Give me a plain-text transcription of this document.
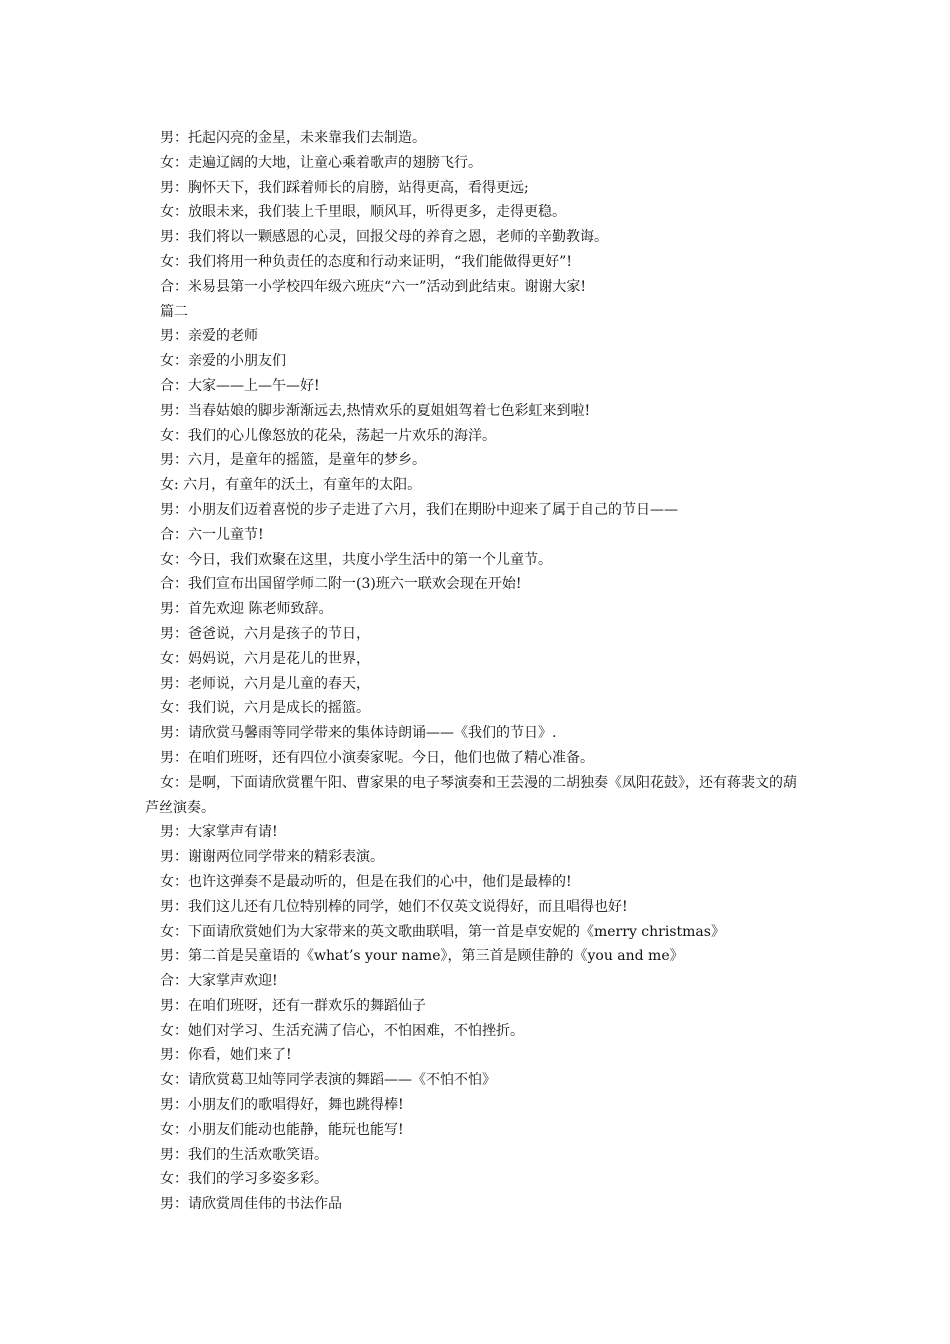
男：托起闪亮的金星，未来靠我们去制造。
女：走遍辽阔的大地，让童心乘着歌声的翅膀飞行。
男：胸怀天下，我们踩着师长的肩膀，站得更高，看得更远;
女：放眼未来，我们装上千里眼，顺风耳，听得更多，走得更稳。
男：我们将以一颗感恩的心灵，回报父母的养育之恩，老师的辛勤教诲。
女：我们将用一种负责任的态度和行动来证明，“我们能做得更好”!
合：米易县第一小学校四年级六班庆“六一”活动到此结束。谢谢大家!
篇二
男：亲爱的老师
女：亲爱的小朋友们
合：大家——上—午—好!
男：当春姑娘的脚步渐渐远去,热情欢乐的夏姐姐驾着七色彩虹来到啦!
女：我们的心儿像怒放的花朵，荡起一片欢乐的海洋。
男：六月，是童年的摇篮，是童年的梦乡。
女: 六月，有童年的沃土，有童年的太阳。
男：小朋友们迈着喜悦的步子走进了六月，我们在期盼中迎来了属于自己的节日——
合：六一儿童节!
女：今日，我们欢聚在这里，共度小学生活中的第一个儿童节。
合：我们宣布出国留学师二附一(3)班六一联欢会现在开始!
男：首先欢迎 陈老师致辞。
男：爸爸说，六月是孩子的节日，
女：妈妈说，六月是花儿的世界，
男：老师说，六月是儿童的春天，
女：我们说，六月是成长的摇篮。
男：请欣赏马馨雨等同学带来的集体诗朗诵——《我们的节日》.
男：在咱们班呀，还有四位小演奏家呢。今日，他们也做了精心准备。
女：是啊，下面请欣赏瞿午阳、曹家果的电子琴演奏和王芸漫的二胡独奏《凤阳花鼓》，还有蒋裴文的葫芦丝演奏。
男：大家掌声有请!
男：谢谢两位同学带来的精彩表演。
女：也许这弹奏不是最动听的，但是在我们的心中，他们是最棒的!
男：我们这儿还有几位特别棒的同学，她们不仅英文说得好，而且唱得也好!
女：下面请欣赏她们为大家带来的英文歌曲联唱，第一首是卓安妮的《merry christmas》
男：第二首是吴童语的《what’s your name》，第三首是顾佳静的《you and me》
合：大家掌声欢迎!
男：在咱们班呀，还有一群欢乐的舞蹈仙子
女：她们对学习、生活充满了信心，不怕困难，不怕挫折。
男：你看，她们来了!
女：请欣赏葛卫灿等同学表演的舞蹈——《不怕不怕》
男：小朋友们的歌唱得好，舞也跳得棒!
女：小朋友们能动也能静，能玩也能写!
男：我们的生活欢歌笑语。
女：我们的学习多姿多彩。
男：请欣赏周佳伟的书法作品
